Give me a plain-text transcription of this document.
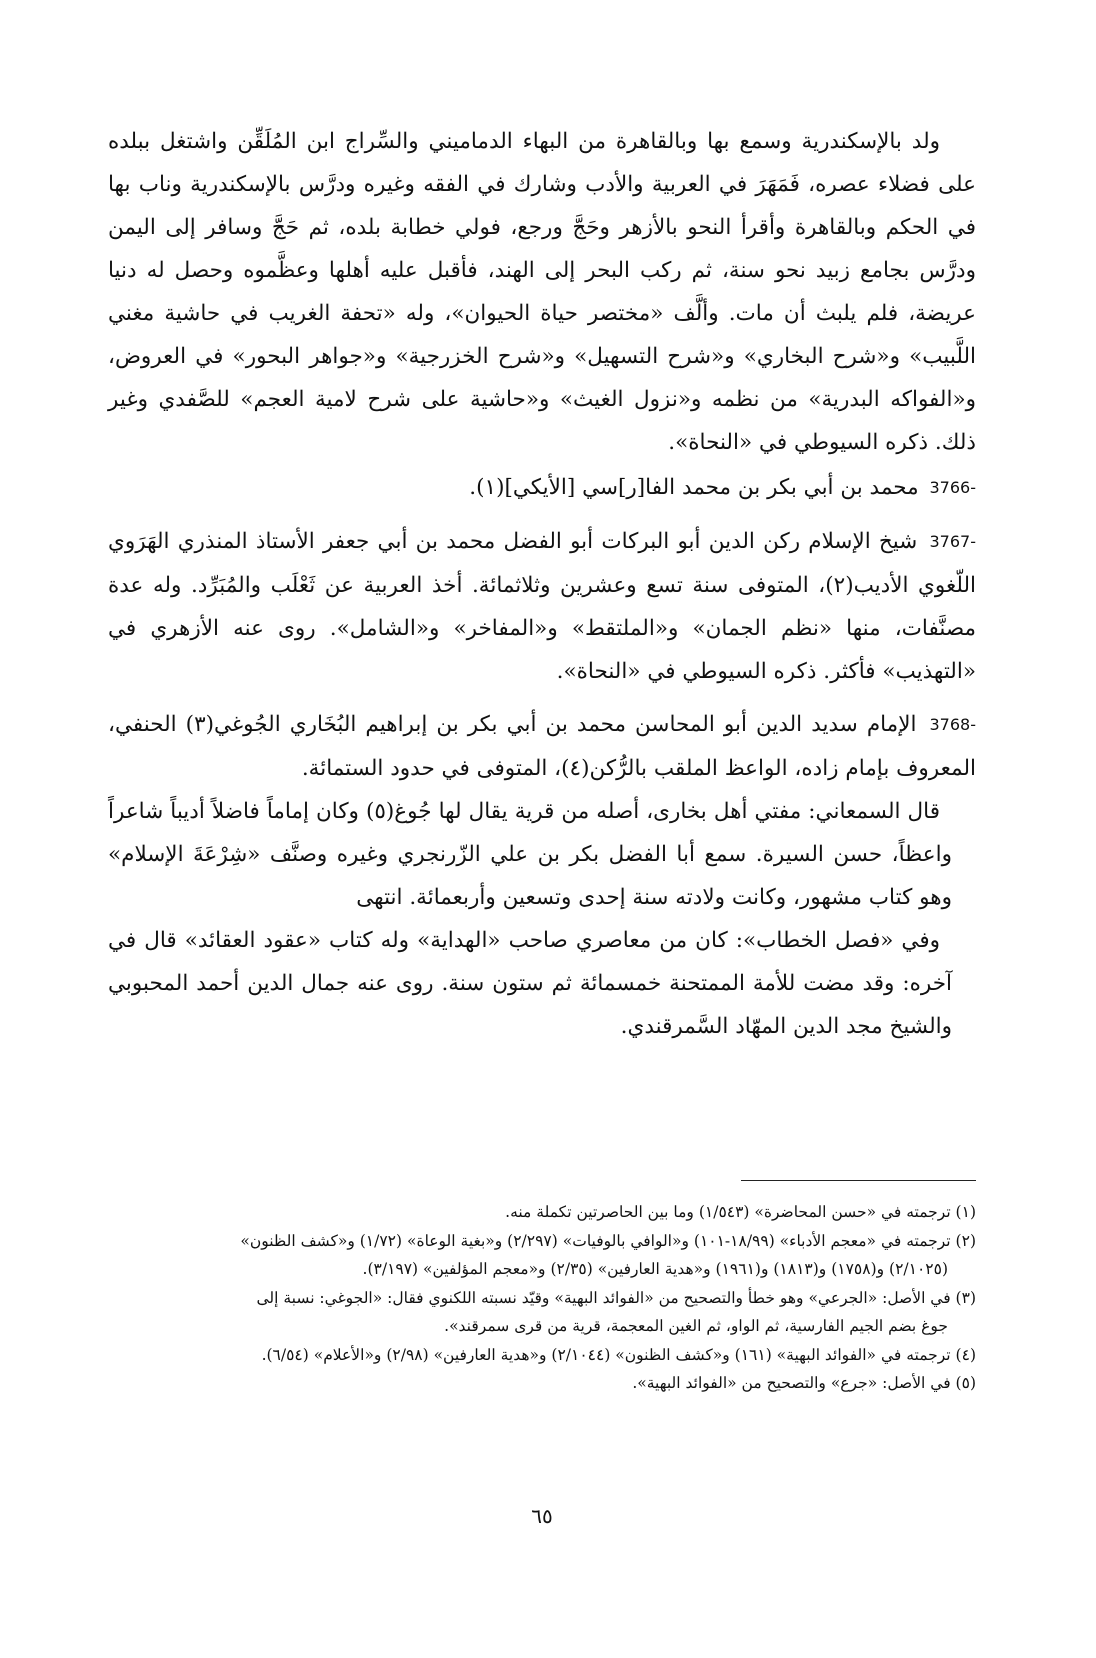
ولد بالإسكندرية وسمع بها وبالقاهرة من البهاء الدماميني والسِّراج ابن المُلَقِّن واشتغل ببلده على فضلاء عصره، فَمَهَرَ في العربية والأدب وشارك في الفقه وغيره ودرَّس بالإسكندرية وناب بها في الحكم وبالقاهرة وأقرأ النحو بالأزهر وحَجَّ ورجع، فولي خطابة بلده، ثم حَجَّ وسافر إلى اليمن ودرَّس بجامع زبيد نحو سنة، ثم ركب البحر إلى الهند، فأقبل عليه أهلها وعظَّموه وحصل له دنيا عريضة، فلم يلبث أن مات. وألَّف «مختصر حياة الحيوان»، وله «تحفة الغريب في حاشية مغني اللَّبيب» و«شرح البخاري» و«شرح التسهيل» و«شرح الخزرجية» و«جواهر البحور» في العروض، و«الفواكه البدرية» من نظمه و«نزول الغيث» و«حاشية على شرح لامية العجم» للصَّفدي وغير ذلك. ذكره السيوطي في «النحاة».

3766- محمد بن أبي بكر بن محمد الفا[ر]سي [الأيكي](١).

3767- شيخ الإسلام ركن الدين أبو البركات أبو الفضل محمد بن أبي جعفر الأستاذ المنذري الهَرَوي اللّغوي الأديب(٢)، المتوفى سنة تسع وعشرين وثلاثمائة. أخذ العربية عن ثَعْلَب والمُبَرِّد. وله عدة مصنَّفات، منها «نظم الجمان» و«الملتقط» و«المفاخر» و«الشامل». روى عنه الأزهري في «التهذيب» فأكثر. ذكره السيوطي في «النحاة».

3768- الإمام سديد الدين أبو المحاسن محمد بن أبي بكر بن إبراهيم البُخَاري الجُوغي(٣) الحنفي، المعروف بإمام زاده، الواعظ الملقب بالرُّكن(٤)، المتوفى في حدود الستمائة.

قال السمعاني: مفتي أهل بخارى، أصله من قرية يقال لها جُوغ(٥) وكان إماماً فاضلاً أديباً شاعراً واعظاً، حسن السيرة. سمع أبا الفضل بكر بن علي الزّرنجري وغيره وصنَّف «شِرْعَةَ الإسلام» وهو كتاب مشهور، وكانت ولادته سنة إحدى وتسعين وأربعمائة. انتهى

وفي «فصل الخطاب»: كان من معاصري صاحب «الهداية» وله كتاب «عقود العقائد» قال في آخره: وقد مضت للأمة الممتحنة خمسمائة ثم ستون سنة. روى عنه جمال الدين أحمد المحبوبي والشيخ مجد الدين المهّاد السَّمرقندي.

(١) ترجمته في «حسن المحاضرة» (١/٥٤٣) وما بين الحاصرتين تكملة منه.

(٢) ترجمته في «معجم الأدباء» (١٨/٩٩-١٠١) و«الوافي بالوفيات» (٢/٢٩٧) و«بغية الوعاة» (١/٧٢) و«كشف الظنون»
(٢/١٠٢٥) و(١٧٥٨) و(١٨١٣) و(١٩٦١) و«هدية العارفين» (٢/٣٥) و«معجم المؤلفين» (٣/١٩٧).

(٣) في الأصل: «الجرعي» وهو خطأ والتصحيح من «الفوائد البهية» وقيّد نسبته اللكنوي فقال: «الجوغي: نسبة إلى
جوغ بضم الجيم الفارسية، ثم الواو، ثم الغين المعجمة، قرية من قرى سمرقند».

(٤) ترجمته في «الفوائد البهية» (١٦١) و«كشف الظنون» (٢/١٠٤٤) و«هدية العارفين» (٢/٩٨) و«الأعلام» (٦/٥٤).

(٥) في الأصل: «جرع» والتصحيح من «الفوائد البهية».

٦٥
